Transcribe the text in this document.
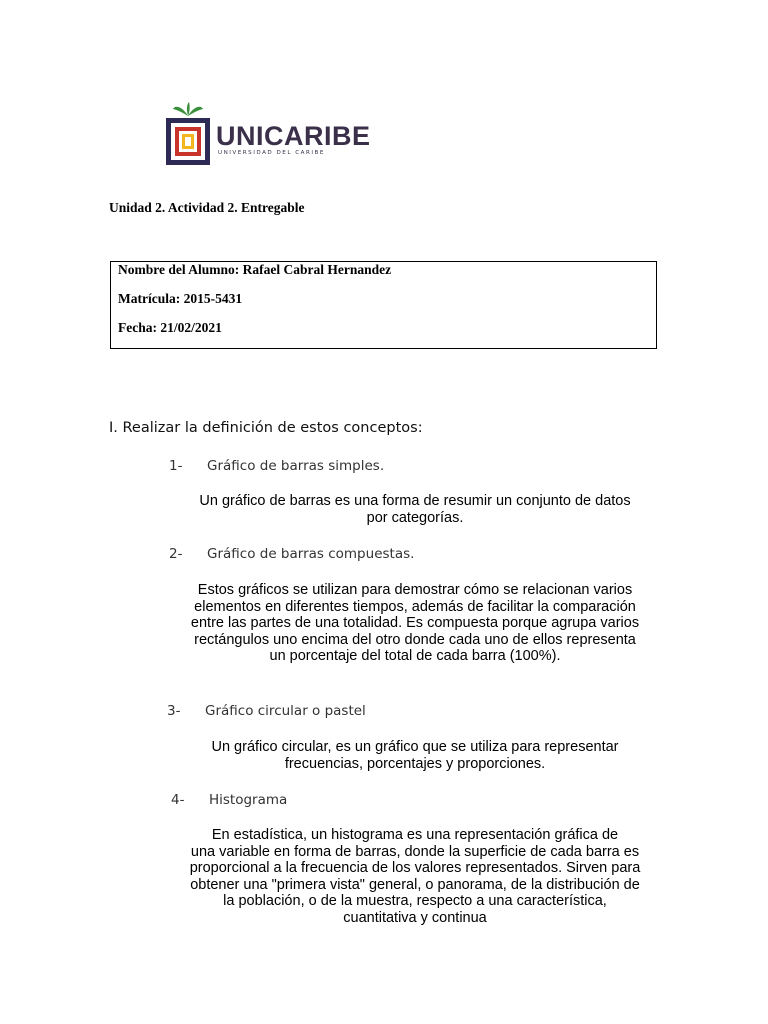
UNICARIBE
UNIVERSIDAD DEL CARIBE
Unidad 2. Actividad 2. Entregable
Nombre del Alumno: Rafael Cabral Hernandez
Matrícula: 2015-5431
Fecha: 21/02/2021
I. Realizar la definición de estos conceptos:
1- Gráfico de barras simples.
Un gráfico de barras es una forma de resumir un conjunto de datos
por categorías.
2- Gráfico de barras compuestas.
Estos gráficos se utilizan para demostrar cómo se relacionan varios
elementos en diferentes tiempos, además de facilitar la comparación
entre las partes de una totalidad. Es compuesta porque agrupa varios
rectángulos uno encima del otro donde cada uno de ellos representa
un porcentaje del total de cada barra (100%).
3- Gráfico circular o pastel
Un gráfico circular, es un gráfico que se utiliza para representar
frecuencias, porcentajes y proporciones.
4- Histograma
En estadística, un histograma es una representación gráfica de
una variable en forma de barras, donde la superficie de cada barra es
proporcional a la frecuencia de los valores representados. Sirven para
obtener una "primera vista" general, o panorama, de la distribución de
la población, o de la muestra, respecto a una característica,
cuantitativa y continua
